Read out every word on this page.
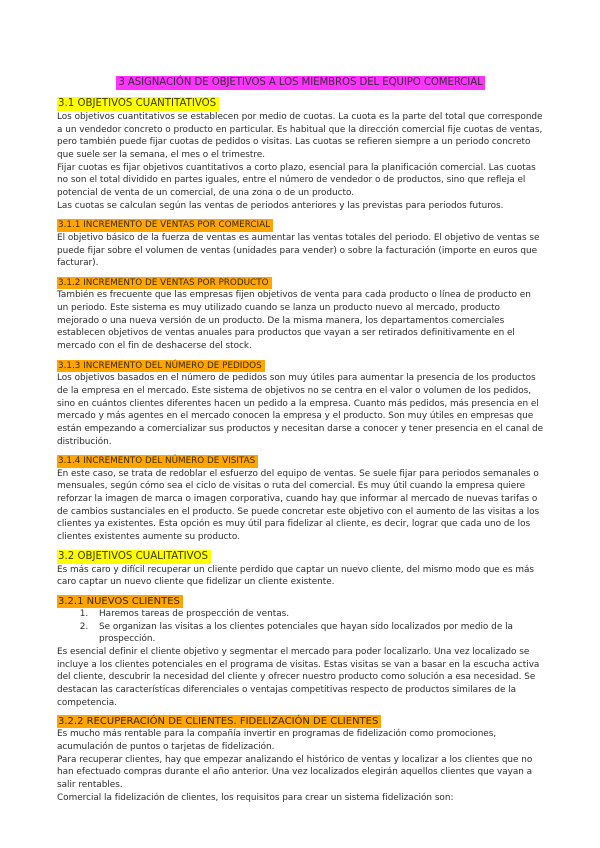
3 ASIGNACIÓN DE OBJETIVOS A LOS MIEMBROS DEL EQUIPO COMERCIAL
3.1 OBJETIVOS CUANTITATIVOS

Los objetivos cuantitativos se establecen por medio de cuotas. La cuota es la parte del total que corresponde a un vendedor concreto o producto en particular. Es habitual que la dirección comercial fije cuotas de ventas, pero también puede fijar cuotas de pedidos o visitas. Las cuotas se refieren siempre a un periodo concreto que suele ser la semana, el mes o el trimestre.

Fijar cuotas es fijar objetivos cuantitativos a corto plazo, esencial para la planificación comercial. Las cuotas no son el total dividido en partes iguales, entre el número de vendedor o de productos, sino que refleja el potencial de venta de un comercial, de una zona o de un producto.

Las cuotas se calculan según las ventas de periodos anteriores y las previstas para periodos futuros.

3.1.1 INCREMENTO DE VENTAS POR COMERCIAL

El objetivo básico de la fuerza de ventas es aumentar las ventas totales del periodo. El objetivo de ventas se puede fijar sobre el volumen de ventas (unidades para vender) o sobre la facturación (importe en euros que facturar).

3.1.2 INCREMENTO DE VENTAS POR PRODUCTO

También es frecuente que las empresas fijen objetivos de venta para cada producto o línea de producto en un periodo. Este sistema es muy utilizado cuando se lanza un producto nuevo al mercado, producto mejorado o una nueva versión de un producto. De la misma manera, los departamentos comerciales establecen objetivos de ventas anuales para productos que vayan a ser retirados definitivamente en el mercado con el fin de deshacerse del stock.

3.1.3 INCREMENTO DEL NÚMERO DE PEDIDOS

Los objetivos basados en el número de pedidos son muy útiles para aumentar la presencia de los productos de la empresa en el mercado. Este sistema de objetivos no se centra en el valor o volumen de los pedidos, sino en cuántos clientes diferentes hacen un pedido a la empresa. Cuanto más pedidos, más presencia en el mercado y más agentes en el mercado conocen la empresa y el producto. Son muy útiles en empresas que están empezando a comercializar sus productos y necesitan darse a conocer y tener presencia en el canal de distribución.

3.1.4 INCREMENTO DEL NÚMERO DE VISITAS

En este caso, se trata de redoblar el esfuerzo del equipo de ventas. Se suele fijar para periodos semanales o mensuales, según cómo sea el ciclo de visitas o ruta del comercial. Es muy útil cuando la empresa quiere reforzar la imagen de marca o imagen corporativa, cuando hay que informar al mercado de nuevas tarifas o de cambios sustanciales en el producto. Se puede concretar este objetivo con el aumento de las visitas a los clientes ya existentes. Esta opción es muy útil para fidelizar al cliente, es decir, lograr que cada uno de los clientes existentes aumente su producto.

3.2 OBJETIVOS CUALITATIVOS

Es más caro y difícil recuperar un cliente perdido que captar un nuevo cliente, del mismo modo que es más caro captar un nuevo cliente que fidelizar un cliente existente.

3.2.1 NUEVOS CLIENTES
1. Haremos tareas de prospección de ventas.
2. Se organizan las visitas a los clientes potenciales que hayan sido localizados por medio de la prospección.

Es esencial definir el cliente objetivo y segmentar el mercado para poder localizarlo. Una vez localizado se incluye a los clientes potenciales en el programa de visitas. Estas visitas se van a basar en la escucha activa del cliente, descubrir la necesidad del cliente y ofrecer nuestro producto como solución a esa necesidad. Se destacan las características diferenciales o ventajas competitivas respecto de productos similares de la competencia.

3.2.2 RECUPERACIÓN DE CLIENTES. FIDELIZACIÓN DE CLIENTES

Es mucho más rentable para la compañía invertir en programas de fidelización como promociones, acumulación de puntos o tarjetas de fidelización.

Para recuperar clientes, hay que empezar analizando el histórico de ventas y localizar a los clientes que no han efectuado compras durante el año anterior. Una vez localizados elegirán aquellos clientes que vayan a salir rentables.

Comercial la fidelización de clientes, los requisitos para crear un sistema fidelización son:
